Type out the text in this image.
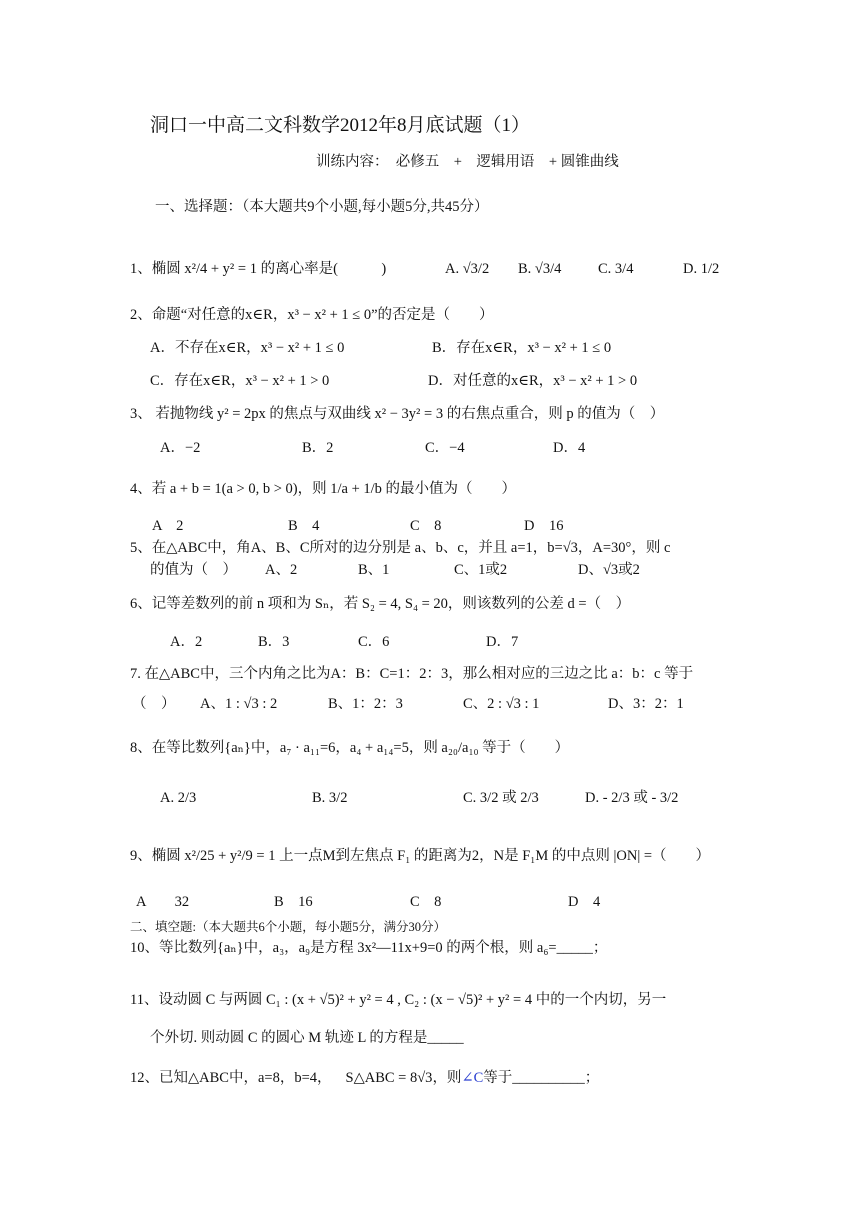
洞口一中高二文科数学2012年8月底试题（1）
训练内容：　必修五　+　逻辑用语　+ 圆锥曲线
一、选择题：（本大题共9个小题,每小题5分,共45分）
1、椭圆 x²/4 + y² = 1 的离心率是(　　　)	A. √3/2 B. √3/4	C. 3/4	D. 1/2
2、命题“对任意的x∈R，x³ − x² + 1 ≤ 0”的否定是（　　）
A．不存在x∈R，x³ − x² + 1 ≤ 0	B．存在x∈R，x³ − x² + 1 ≤ 0
C．存在x∈R，x³ − x² + 1 > 0	D．对任意的x∈R，x³ − x² + 1 > 0
3、 若抛物线 y² = 2px 的焦点与双曲线 x² − 3y² = 3 的右焦点重合，则 p 的值为（　）
A．−2	B．2	C．−4	D．4
4、若 a + b = 1(a > 0, b > 0)，则 1/a + 1/b 的最小值为（　　）
A　2	B　4	C　8	D　16
5、在△ABC中，角A、B、C所对的边分别是 a、b、c，并且 a=1，b=√3，A=30°，则 c
的值为（　） A、2	B、1	C、1或2	D、√3或2
6、记等差数列的前 n 项和为 Sₙ，若 S₂ = 4, S₄ = 20，则该数列的公差 d =（　）
A．2	B．3	C．6	D．7
7. 在△ABC中，三个内角之比为A：B：C=1：2：3，那么相对应的三边之比 a：b：c 等于
（　） A、1 : √3 : 2	B、1：2：3	C、2 : √3 : 1	D、3：2：1
8、在等比数列{aₙ}中，a₇ · a₁₁=6，a₄ + a₁₄=5，则 a₂₀/a₁₀ 等于（　　）
A. 2/3	B. 3/2	C. 3/2 或 2/3	D. - 2/3 或 - 3/2
9、椭圆 x²/25 + y²/9 = 1 上一点M到左焦点 F₁ 的距离为2，N是 F₁M 的中点则 |ON| =（　　）
A　　32	B　16	C　8	D　4
二、填空题:（本大题共6个小题，每小题5分，满分30分）
10、等比数列{aₙ}中，a₃，a₉是方程 3x²—11x+9=0 的两个根，则 a₆=_____；
11、设动圆 C 与两圆 C₁ : (x + √5)² + y² = 4 , C₂ : (x − √5)² + y² = 4 中的一个内切，另一
个外切. 则动圆 C 的圆心 M 轨迹 L 的方程是_____
12、已知△ABC中，a=8，b=4， S△ABC = 8√3，则∠C等于__________；
